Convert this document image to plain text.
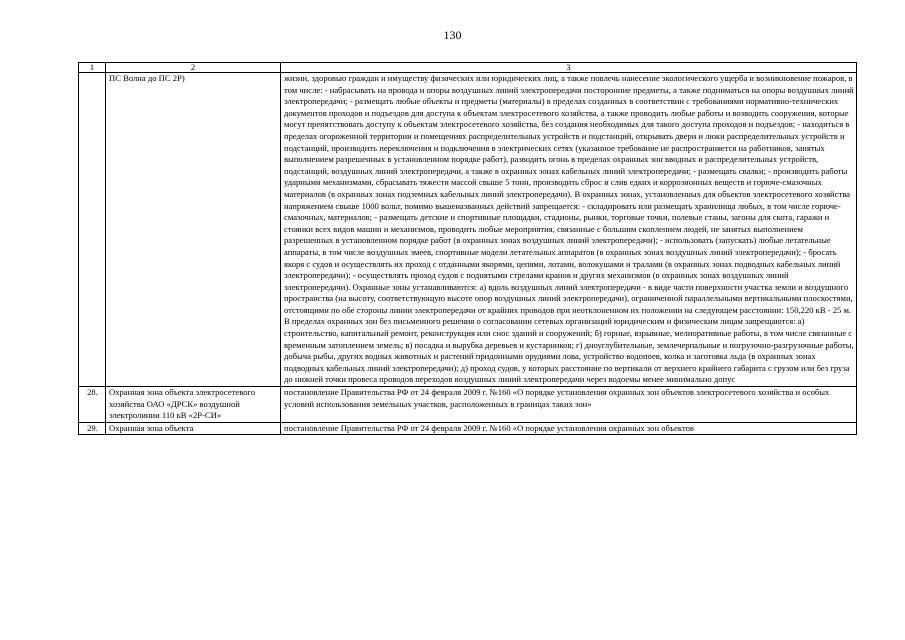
130
1	2	3
	ПС Волна до ПС 2Р)	жизни, здоровью граждан и имуществу физических или юридических лиц, а также повлечь нанесение экологического ущерба и возникновение пожаров, в том числе: - набрасывать на провода и опоры воздушных линий электропередачи посторонние предметы, а также подниматься на опоры воздушных линий электропередачи; - размещать любые объекты и предметы (материалы) в пределах созданных в соответствии с требованиями нормативно-технических документов проходов и подъездов для доступа к объектам электросетевого хозяйства, а также проводить любые работы и возводить сооружения, которые могут препятствовать доступу к объектам электросетевого хозяйства, без создания необходимых для такого доступа проходов и подъездов; - находиться в пределах огороженной территории и помещениях распределительных устройств и подстанций, открывать двери и люки распределительных устройств и подстанций, производить переключения и подключения в электрических сетях (указанное требование не распространяется на работников, занятых выполнением разрешенных в установленном порядке работ), разводить огонь в пределах охранных зон вводных и распределительных устройств, подстанций, воздушных линий электропередачи, а также в охранных зонах кабельных линий электропередачи; - размещать свалки; - производить работы ударными механизмами, сбрасывать тяжести массой свыше 5 тонн, производить сброс и слив едких и коррозионных веществ и горюче-смазочных материалов (в охранных зонах подземных кабельных линий электропередачи). В охранных зонах, установленных для объектов электросетевого хозяйства напряжением свыше 1000 вольт, помимо вышеназванных действий запрещается: - складировать или размещать хранилища любых, в том числе горюче-смазочных, материалов; - размещать детские и спортивные площадки, стадионы, рынки, торговые точки, полевые станы, загоны для скота, гаражи и стоянки всех видов машин и механизмов, проводить любые мероприятия, связанные с большим скоплением людей, не занятых выполнением разрешенных в установленном порядке работ (в охранных зонах воздушных линий электропередачи); - использовать (запускать) любые летательные аппараты, в том числе воздушных змеев, спортивные модели летательных аппаратов (в охранных зонах воздушных линий электропередачи); - бросать якоря с судов и осуществлять их проход с отданными якорями, цепями, лотами, волокушами и тралами (в охранных зонах подводных кабельных линий электропередачи); - осуществлять проход судов с поднятыми стрелами кранов и других механизмов (в охранных зонах воздушных линий электропередачи). Охранные зоны устанавливаются: а) вдоль воздушных линий электропередачи - в виде части поверхности участка земли и воздушного пространства (на высоту, соответствующую высоте опор воздушных линий электропередачи), ограниченной параллельными вертикальными плоскостями, отстоящими по обе стороны линии электропередачи от крайних проводов при неотклоненном их положении на следующем расстоянии: 150,220 кВ - 25 м. В пределах охранных зон без письменного решения о согласовании сетевых организаций юридическим и физическим лицам запрещаются: а) строительство, капитальный ремонт, реконструкция или снос зданий и сооружений; б) горные, взрывные, мелиоративные работы, в том числе связанные с временным затоплением земель; в) посадка и вырубка деревьев и кустарников; г) дноуглубительные, землечерпальные и погрузочно-разгрузочные работы, добыча рыбы, других водных животных и растений придонными орудиями лова, устройство водопоев, колка и заготовка льда (в охранных зонах подводных кабельных линий электропередачи); д) проход судов, у которых расстояние по вертикали от верхнего крайнего габарита с грузом или без груза до нижней точки провеса проводов переходов воздушных линий электропередачи через водоемы менее минимально допус
28.	Охранная зона объекта электросетевого хозяйства ОАО «ДРСК» воздушной электролинии 110 кВ «2Р-СИ»	постановление Правительства РФ от 24 февраля 2009 г. №160 «О порядке установления охранных зон объектов электросетевого хозяйства и особых условий использования земельных участков, расположенных в границах таких зон»
29.	Охранная зона объекта	постановление Правительства РФ от 24 февраля 2009 г. №160 «О порядке установления охранных зон объектов
